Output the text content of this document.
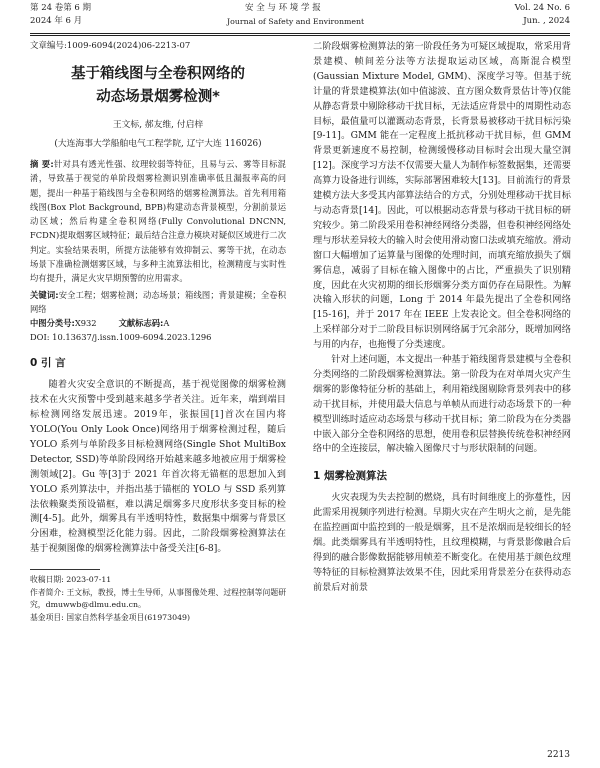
第 24 卷第 6 期
2024 年 6 月
安 全 与 环 境 学 报
Journal of Safety and Environment
Vol. 24 No. 6
Jun. , 2024
文章编号:1009-6094(2024)06-2213-07
基于箱线图与全卷积网络的
动态场景烟雾检测*
王文标, 郝友维, 付启梓
(大连海事大学船舶电气工程学院, 辽宁大连 116026)
摘 要:针对具有透光性强、纹理较弱等特征，且易与云、雾等目标混淆，导致基于视觉的单阶段烟雾检测识别准确率低且漏报率高的问题，提出一种基于箱线图与全卷积网络的烟雾检测算法。首先利用箱线图(Box Plot Background, BPB)构建动态背景模型，分割前景运动区域；然后构建全卷积网络(Fully Convolutional DNCNN, FCDN)提取烟雾区域特征；最后结合注意力模块对疑似区域进行二次判定。实验结果表明，所提方法能够有效抑制云、雾等干扰，在动态场景下准确检测烟雾区域，与多种主流算法相比，检测精度与实时性均有提升，满足火灾早期预警的应用需求。
关键词:安全工程；烟雾检测；动态场景；箱线图；背景建模；全卷积网络
中图分类号:X932	文献标志码:A
DOI: 10.13637/j.issn.1009-6094.2023.1296
0 引 言

随着火灾安全意识的不断提高，基于视觉图像的烟雾检测技术在火灾预警中受到越来越多学者关注。近年来，端到端目标检测网络发展迅速。2019年，张振国[1]首次在国内将 YOLO(You Only Look Once)网络用于烟雾检测过程，随后 YOLO 系列与单阶段多目标检测网络(Single Shot MultiBox Detector, SSD)等单阶段网络开始越来越多地被应用于烟雾检测领域[2]。Gu 等[3]于 2021 年首次将无锚框的思想加入到 YOLO 系列算法中，并指出基于锚框的 YOLO 与 SSD 系列算法依赖聚类预设锚框，难以满足烟雾多尺度形状多变目标的检测[4-5]。此外，烟雾具有半透明特性，数据集中烟雾与背景区分困难，检测模型泛化能力弱。因此，二阶段烟雾检测算法在基于视频图像的烟雾检测算法中备受关注[6-8]。

收稿日期: 2023-07-11
作者简介: 王文标，教授，博士生导师，从事图像处理、过程控制等问题研究，dmuwwb@dlmu.edu.cn。
基金项目: 国家自然科学基金项目(61973049)

二阶段烟雾检测算法的第一阶段任务为可疑区域提取，常采用背景建模、帧间差分法等方法提取运动区域，高斯混合模型(Gaussian Mixture Model, GMM)、深度学习等。但基于统计量的背景建模算法(如中值滤波、直方图众数背景估计等)仅能从静态背景中剔除移动干扰目标，无法适应背景中的周期性动态目标，最值量可以灌溉动态背景，长背景易被移动干扰目标污染[9-11]。GMM 能在一定程度上抵抗移动干扰目标，但 GMM 背景更新速度不易控制，检测缓慢移动目标时会出现大量空洞[12]。深度学习方法不仅需要大量人为制作标签数据集，还需要高算力设备进行训练，实际部署困难较大[13]。目前流行的背景建模方法大多受其内部算法结合的方式，分别处理移动干扰目标与动态背景[14]。因此，可以根据动态背景与移动干扰目标的研究较少。第二阶段采用卷积神经网络分类器，但卷积神经网络处理与形状差异较大的输入时会使用滑动窗口法或填充缩放。滑动窗口大幅增加了运算量与图像的处理时间，而填充缩放损失了烟雾信息，减弱了目标在输入图像中的占比，严重损失了识别精度，因此在火灾初期的细长形烟雾分类方面仍存在局限性。为解决输入形状的问题，Long 于 2014 年最先提出了全卷积网络[15-16]，并于 2017 年在 IEEE 上发表论文。但全卷积网络的上采样部分对于二阶段目标识别网络属于冗余部分，既增加网络与用的内存，也拖慢了分类速度。

针对上述问题，本文提出一种基于箱线图背景建模与全卷积分类网络的二阶段烟雾检测算法。第一阶段为在对单周火灾产生烟雾的影像特征分析的基础上，利用箱线图剔除背景列表中的移动干扰目标，并使用最大信息与单帧从而进行动态场景下的一种模型训练时适应动态场景与移动干扰目标；第二阶段为在分类器中嵌入部分全卷积网络的思想，使用卷积层替换传统卷积神经网络中的全连接层，解决输入图像尺寸与形状限制的问题。

1 烟雾检测算法

火灾表现为失去控制的燃烧，具有时间维度上的弥蔓性，因此需采用视频序列进行检测。早期火灾在产生明火之前，是先能在监控画面中监控到的一般是烟雾，且不是浓烟而是较细长的轻烟。此类烟雾具有半透明特性，且纹理模糊，与背景影像融合后得到的融合影像数据能够用帧差不断变化。在使用基于颜色纹理等特征的目标检测算法效果不佳，因此采用背景差分在获得动态前景后对前景

2213
